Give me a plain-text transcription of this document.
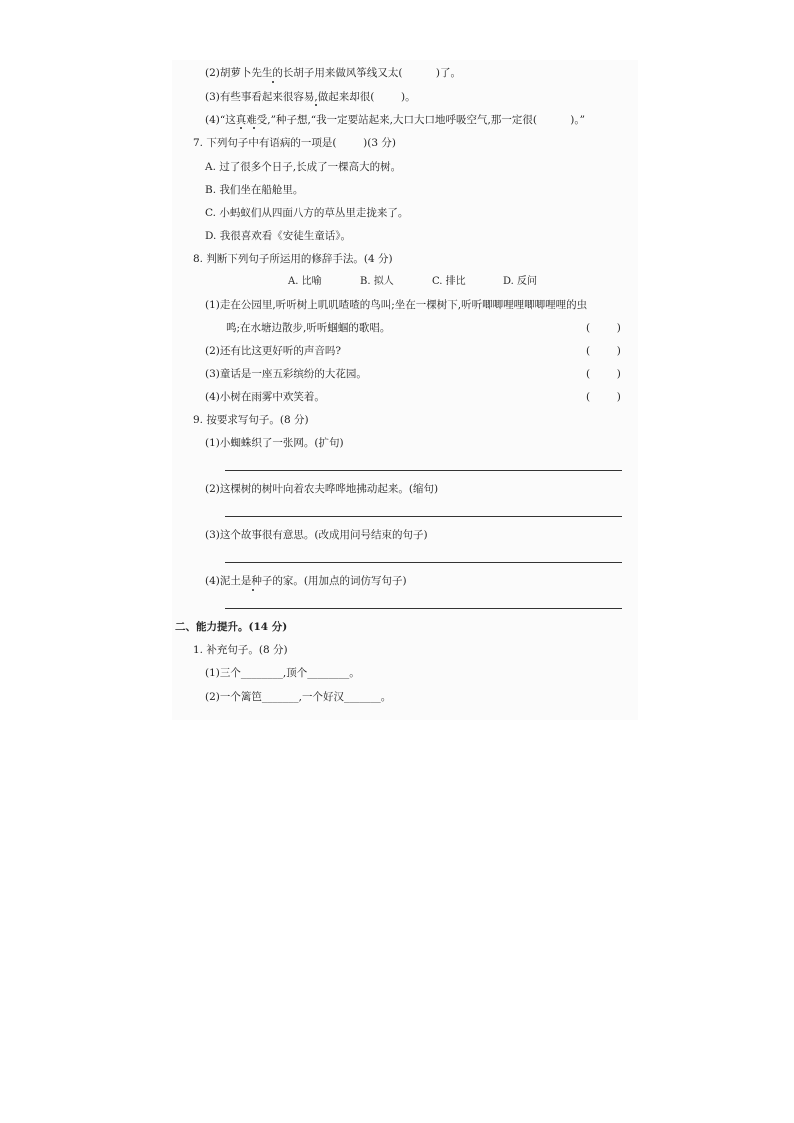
(2)胡萝卜先生的长胡子用来做风筝线又太(          )了。
(3)有些事看起来很容易,做起来却很(        )。
(4)“这真难受,”种子想,“我一定要站起来,大口大口地呼吸空气,那一定很(          )。”
7. 下列句子中有语病的一项是(        )(3 分)
A. 过了很多个日子,长成了一棵高大的树。
B. 我们坐在船舱里。
C. 小蚂蚁们从四面八方的草丛里走拢来了。
D. 我很喜欢看《安徒生童话》。
8. 判断下列句子所运用的修辞手法。(4 分)
A. 比喻	B. 拟人	C. 排比	D. 反问
(1)走在公园里,听听树上叽叽喳喳的鸟叫;坐在一棵树下,听听唧唧哩哩唧唧哩哩的虫
鸣;在水塘边散步,听听蝈蝈的歌唱。	(        )
(2)还有比这更好听的声音吗?	(        )
(3)童话是一座五彩缤纷的大花园。	(        )
(4)小树在雨雾中欢笑着。	(        )
9. 按要求写句子。(8 分)
(1)小蜘蛛织了一张网。(扩句)
(2)这棵树的树叶向着农夫哗哗地拂动起来。(缩句)
(3)这个故事很有意思。(改成用问号结束的句子)
(4)泥土是种子的家。(用加点的词仿写句子)
二、能力提升。(14 分)
1. 补充句子。(8 分)
(1)三个________,顶个________。
(2)一个篱笆_______,一个好汉_______。
